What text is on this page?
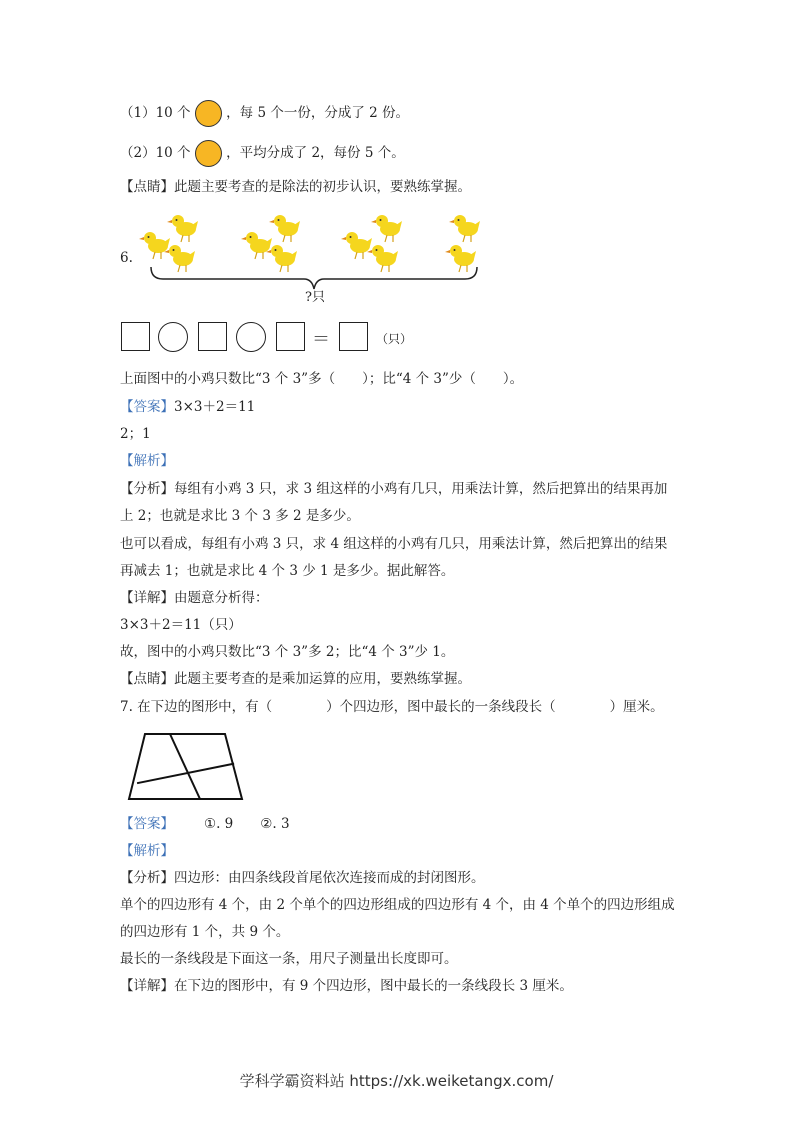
（1）10 个	，每 5 个一份，分成了 2 份。
（2）10 个	，平均分成了 2，每份 5 个。
【点睛】此题主要考查的是除法的初步认识，要熟练掌握。
6.
?只
＝	（只）
上面图中的小鸡只数比“3 个 3”多（　　）；比“4 个 3”少（　　）。
【答案】3×3＋2＝11
2；1
【解析】
【分析】每组有小鸡 3 只，求 3 组这样的小鸡有几只，用乘法计算，然后把算出的结果再加
上 2；也就是求比 3 个 3 多 2 是多少。
也可以看成，每组有小鸡 3 只，求 4 组这样的小鸡有几只，用乘法计算，然后把算出的结果
再减去 1；也就是求比 4 个 3 少 1 是多少。据此解答。
【详解】由题意分析得：
3×3＋2＝11（只）
故，图中的小鸡只数比“3 个 3”多 2；比“4 个 3”少 1。
【点睛】此题主要考查的是乘加运算的应用，要熟练掌握。
7. 在下边的图形中，有（　　　　）个四边形，图中最长的一条线段长（　　　　）厘米。
【答案】 ①. 9　　②. 3
【解析】
【分析】四边形：由四条线段首尾依次连接而成的封闭图形。
单个的四边形有 4 个，由 2 个单个的四边形组成的四边形有 4 个，由 4 个单个的四边形组成
的四边形有 1 个，共 9 个。
最长的一条线段是下面这一条，用尺子测量出长度即可。
【详解】在下边的图形中，有 9 个四边形，图中最长的一条线段长 3 厘米。
学科学霸资料站 https://xk.weiketangx.com/
